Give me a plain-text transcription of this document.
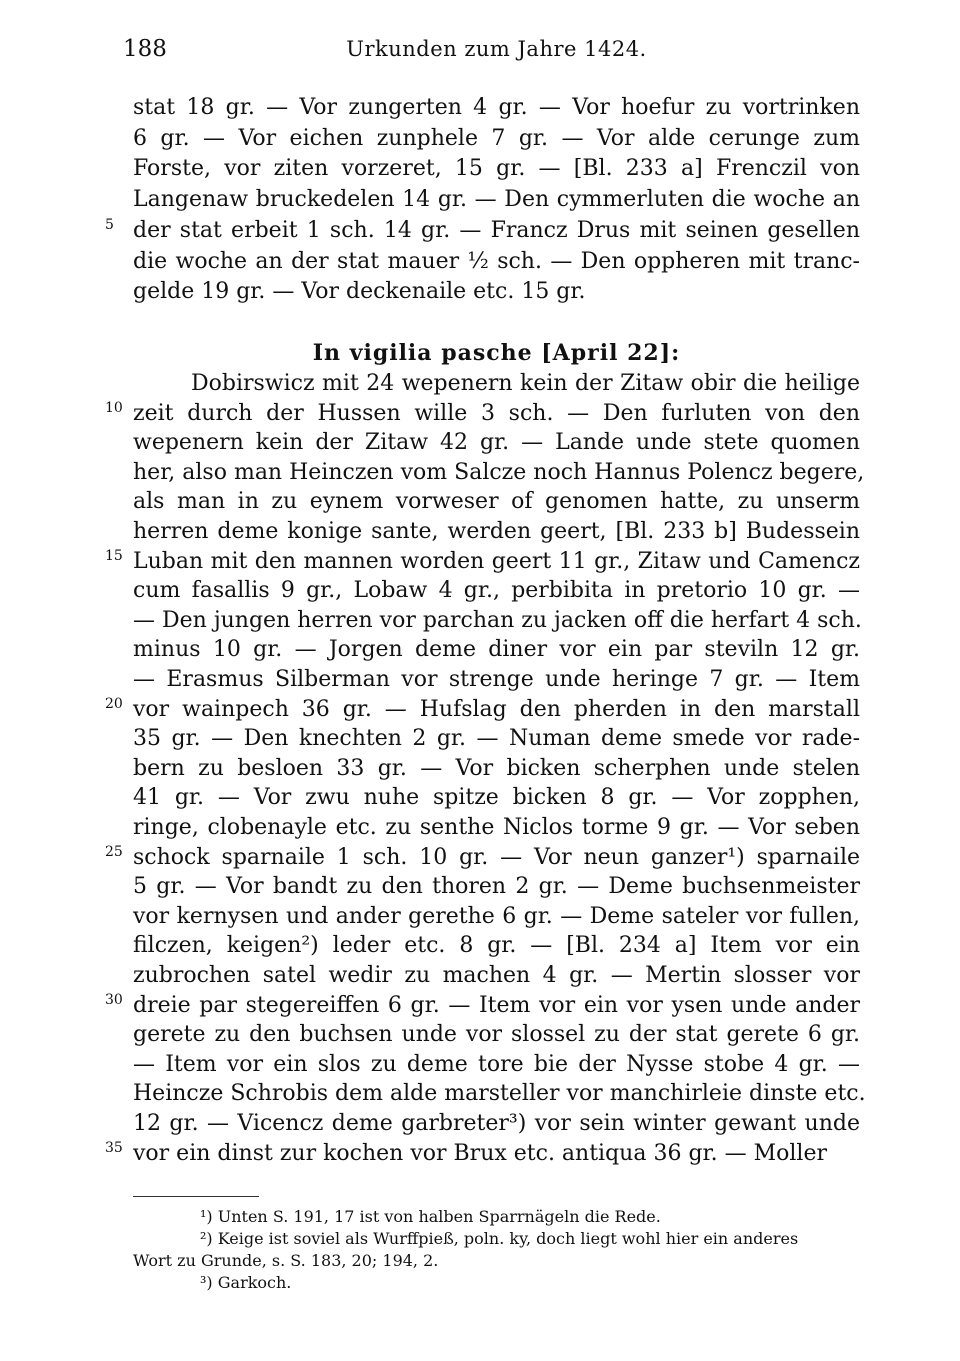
188	Urkunden zum Jahre 1424.
stat 18 gr. — Vor zungerten 4 gr. — Vor hoefur zu vortrinken
6 gr. — Vor eichen zunphele 7 gr. — Vor alde cerunge zum
Forste, vor ziten vorzeret, 15 gr. — [Bl. 233 a] Frenczil von
Langenaw bruckedelen 14 gr. — Den cymmerluten die woche an
der stat erbeit 1 sch. 14 gr. — Francz Drus mit seinen gesellen
5
die woche an der stat mauer ½ sch. — Den oppheren mit tranc-
gelde 19 gr. — Vor deckenaile etc. 15 gr.
In vigilia pasche [April 22]:
Dobirswicz mit 24 wepenern kein der Zitaw obir die heilige
zeit durch der Hussen wille 3 sch. — Den furluten von den
10
wepenern kein der Zitaw 42 gr. — Lande unde stete quomen
her, also man Heinczen vom Salcze noch Hannus Polencz begere,
als man in zu eynem vorweser of genomen hatte, zu unserm
herren deme konige sante, werden geert, [Bl. 233 b] Budessein
Luban mit den mannen worden geert 11 gr., Zitaw und Camencz
15
cum fasallis 9 gr., Lobaw 4 gr., perbibita in pretorio 10 gr. —
— Den jungen herren vor parchan zu jacken off die herfart 4 sch.
minus 10 gr. — Jorgen deme diner vor ein par steviln 12 gr.
— Erasmus Silberman vor strenge unde heringe 7 gr. — Item
vor wainpech 36 gr. — Hufslag den pherden in den marstall
20
35 gr. — Den knechten 2 gr. — Numan deme smede vor rade-
bern zu besloen 33 gr. — Vor bicken scherphen unde stelen
41 gr. — Vor zwu nuhe spitze bicken 8 gr. — Vor zopphen,
ringe, clobenayle etc. zu senthe Niclos torme 9 gr. — Vor seben
schock sparnaile 1 sch. 10 gr. — Vor neun ganzer¹) sparnaile
25
5 gr. — Vor bandt zu den thoren 2 gr. — Deme buchsenmeister
vor kernysen und ander gerethe 6 gr. — Deme sateler vor fullen,
filczen, keigen²) leder etc. 8 gr. — [Bl. 234 a] Item vor ein
zubrochen satel wedir zu machen 4 gr. — Mertin slosser vor
dreie par stegereiffen 6 gr. — Item vor ein vor ysen unde ander
30
gerete zu den buchsen unde vor slossel zu der stat gerete 6 gr.
— Item vor ein slos zu deme tore bie der Nysse stobe 4 gr. —
Heincze Schrobis dem alde marsteller vor manchirleie dinste etc.
12 gr. — Vicencz deme garbreter³) vor sein winter gewant unde
vor ein dinst zur kochen vor Brux etc. antiqua 36 gr. — Moller
35
¹) Unten S. 191, 17 ist von halben Sparrnägeln die Rede.
²) Keige ist soviel als Wurffpieß, poln. ky, doch liegt wohl hier ein anderes
Wort zu Grunde, s. S. 183, 20; 194, 2.
³) Garkoch.
